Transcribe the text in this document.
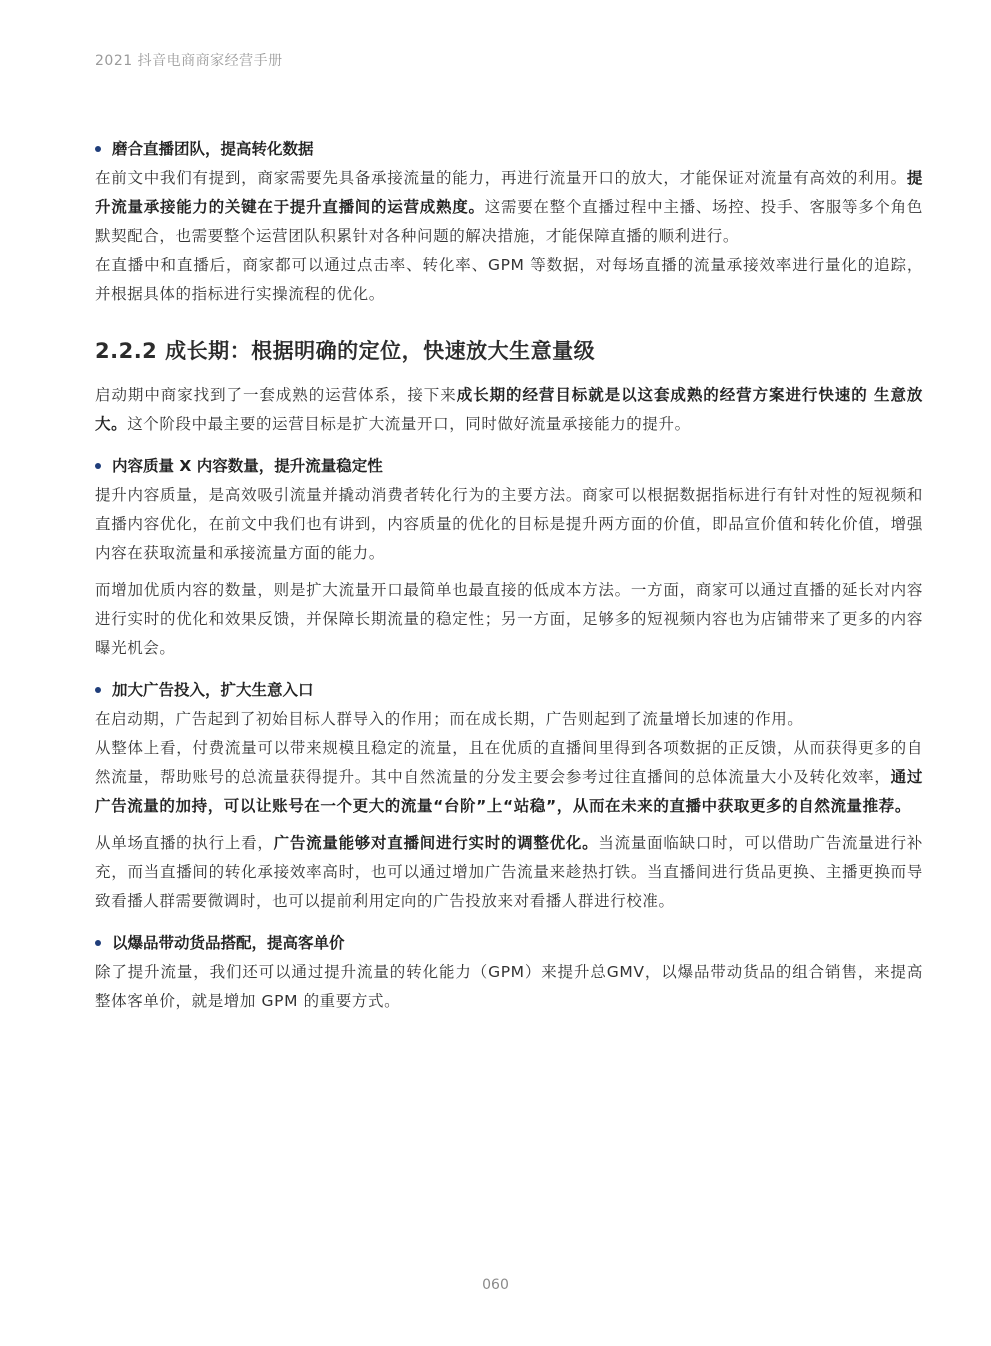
2021 抖音电商商家经营手册
磨合直播团队，提高转化数据

在前文中我们有提到，商家需要先具备承接流量的能力，再进行流量开口的放大，才能保证对流量有高效的利用。提升流量承接能力的关键在于提升直播间的运营成熟度。这需要在整个直播过程中主播、场控、投手、客服等多个角色默契配合，也需要整个运营团队积累针对各种问题的解决措施，才能保障直播的顺利进行。

在直播中和直播后，商家都可以通过点击率、转化率、GPM 等数据，对每场直播的流量承接效率进行量化的追踪，并根据具体的指标进行实操流程的优化。

2.2.2 成长期：根据明确的定位，快速放大生意量级

启动期中商家找到了一套成熟的运营体系，接下来成长期的经营目标就是以这套成熟的经营方案进行快速的 生意放大。这个阶段中最主要的运营目标是扩大流量开口，同时做好流量承接能力的提升。

内容质量 X 内容数量，提升流量稳定性

提升内容质量，是高效吸引流量并撬动消费者转化行为的主要方法。商家可以根据数据指标进行有针对性的短视频和直播内容优化，在前文中我们也有讲到，内容质量的优化的目标是提升两方面的价值，即品宣价值和转化价值，增强内容在获取流量和承接流量方面的能力。

而增加优质内容的数量，则是扩大流量开口最简单也最直接的低成本方法。一方面，商家可以通过直播的延长对内容进行实时的优化和效果反馈，并保障长期流量的稳定性；另一方面，足够多的短视频内容也为店铺带来了更多的内容曝光机会。

加大广告投入，扩大生意入口

在启动期，广告起到了初始目标人群导入的作用；而在成长期，广告则起到了流量增长加速的作用。

从整体上看，付费流量可以带来规模且稳定的流量，且在优质的直播间里得到各项数据的正反馈，从而获得更多的自然流量，帮助账号的总流量获得提升。其中自然流量的分发主要会参考过往直播间的总体流量大小及转化效率，通过广告流量的加持，可以让账号在一个更大的流量“台阶”上“站稳”，从而在未来的直播中获取更多的自然流量推荐。

从单场直播的执行上看，广告流量能够对直播间进行实时的调整优化。当流量面临缺口时，可以借助广告流量进行补充，而当直播间的转化承接效率高时，也可以通过增加广告流量来趁热打铁。当直播间进行货品更换、主播更换而导致看播人群需要微调时，也可以提前利用定向的广告投放来对看播人群进行校准。

以爆品带动货品搭配，提高客单价

除了提升流量，我们还可以通过提升流量的转化能力（GPM）来提升总GMV，以爆品带动货品的组合销售，来提高整体客单价，就是增加 GPM 的重要方式。

060
